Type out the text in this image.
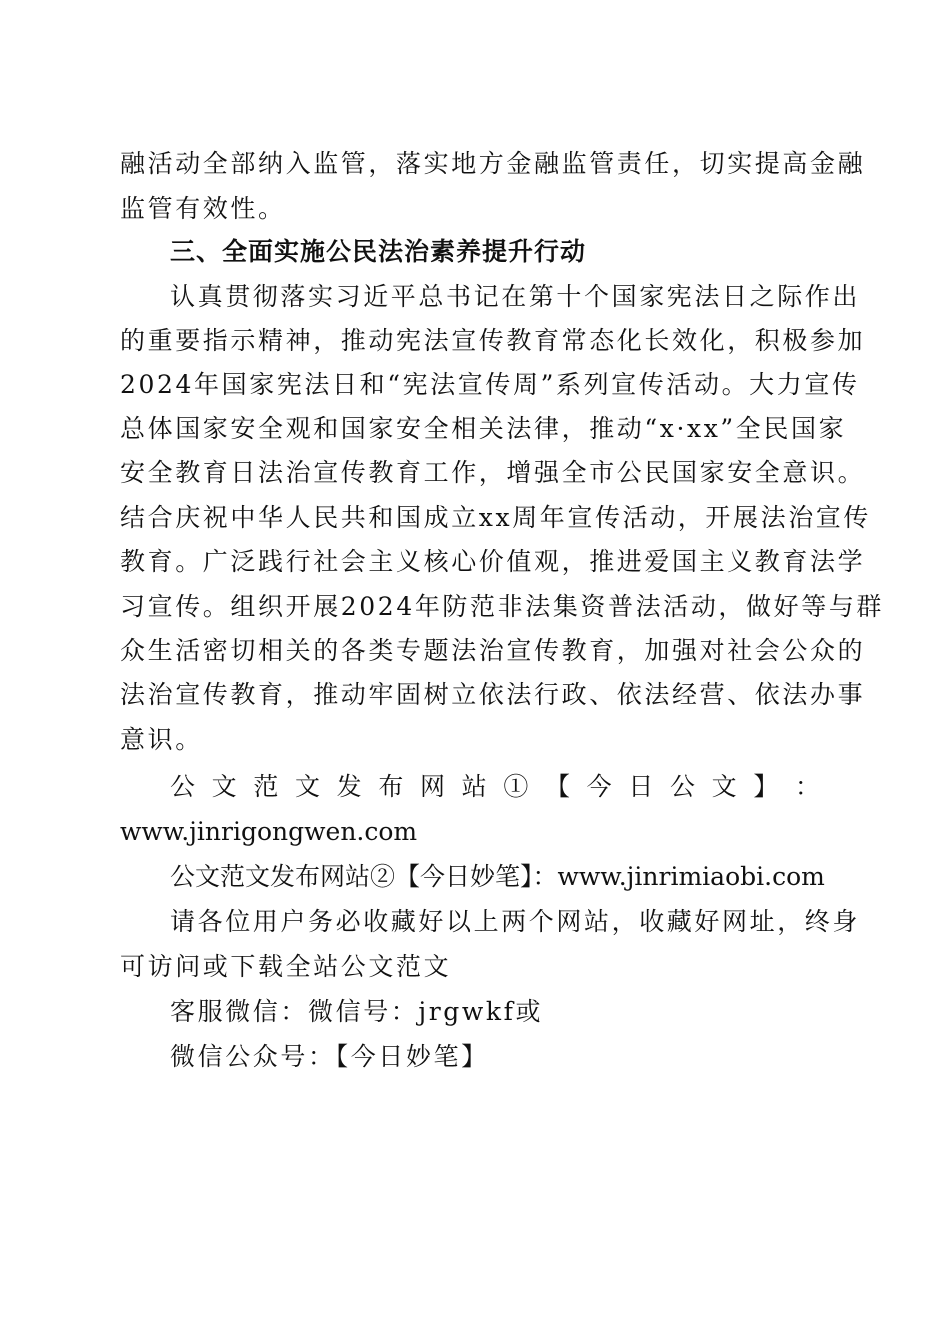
融活动全部纳入监管，落实地方金融监管责任，切实提高金融
监管有效性。
三、全面实施公民法治素养提升行动
认真贯彻落实习近平总书记在第十个国家宪法日之际作出
的重要指示精神，推动宪法宣传教育常态化长效化，积极参加
2024年国家宪法日和“宪法宣传周”系列宣传活动。大力宣传
总体国家安全观和国家安全相关法律，推动“x·xx”全民国家
安全教育日法治宣传教育工作，增强全市公民国家安全意识。
结合庆祝中华人民共和国成立xx周年宣传活动，开展法治宣传
教育。广泛践行社会主义核心价值观，推进爱国主义教育法学
习宣传。组织开展2024年防范非法集资普法活动，做好等与群
众生活密切相关的各类专题法治宣传教育，加强对社会公众的
法治宣传教育，推动牢固树立依法行政、依法经营、依法办事
意识。
公 文 范 文 发 布 网 站 ① 【 今 日 公 文 】 ：
www.jinrigongwen.com
公文范文发布网站②【今日妙笔】：www.jinrimiaobi.com
请各位用户务必收藏好以上两个网站，收藏好网址，终身
可访问或下载全站公文范文
客服微信：微信号：jrgwkf或
微信公众号：【今日妙笔】
